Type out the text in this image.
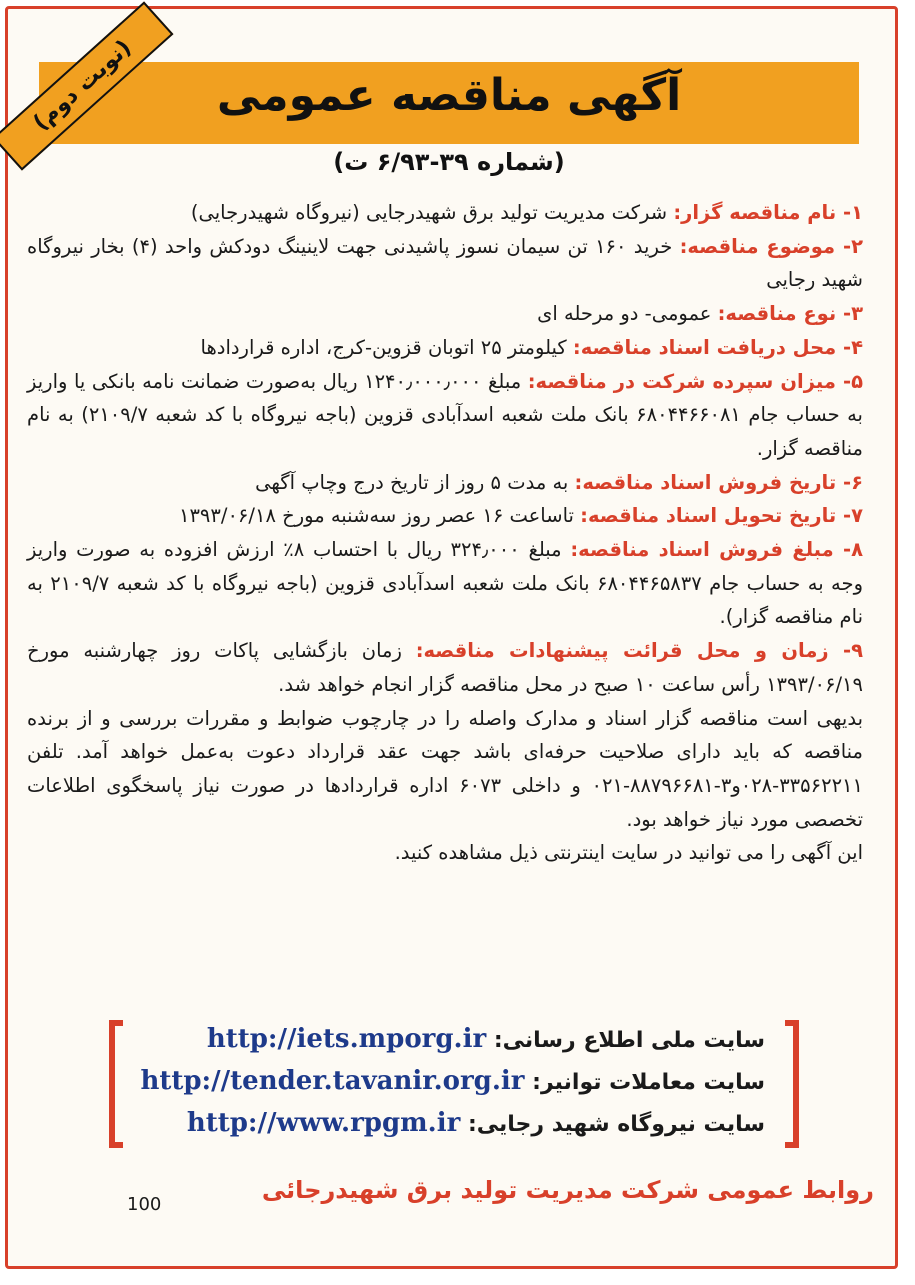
آگهی مناقصه عمومی
(شماره ۳۹-۶/۹۳ ت)
(نوبت دوم)

۱- نام مناقصه گزار: شرکت مدیریت تولید برق شهیدرجایی (نیروگاه شهیدرجایی)

۲- موضوع مناقصه: خرید ۱۶۰ تن سیمان نسوز پاشیدنی جهت لاینینگ دودکش واحد (۴) بخار نیروگاه شهید رجایی

۳- نوع مناقصه: عمومی- دو مرحله ای

۴- محل دریافت اسناد مناقصه: کیلومتر ۲۵ اتوبان قزوین-کرج، اداره قراردادها

۵- میزان سپرده شرکت در مناقصه: مبلغ ۱۲۴۰٫۰۰۰٫۰۰۰ ریال به‌صورت ضمانت نامه بانکی یا واریز به حساب جام ۶۸۰۴۴۶۶۰۸۱ بانک ملت شعبه اسدآبادی قزوین (باجه نیروگاه با کد شعبه ۲۱۰۹/۷) به نام مناقصه گزار.

۶- تاریخ فروش اسناد مناقصه: به مدت ۵ روز از تاریخ درج وچاپ آگهی

۷- تاریخ تحویل اسناد مناقصه: تاساعت ۱۶ عصر روز سه‌شنبه مورخ ۱۳۹۳/۰۶/۱۸

۸- مبلغ فروش اسناد مناقصه: مبلغ ۳۲۴٫۰۰۰ ریال با احتساب ۸٪ ارزش افزوده به صورت واریز وجه به حساب جام ۶۸۰۴۴۶۵۸۳۷ بانک ملت شعبه اسدآبادی قزوین (باجه نیروگاه با کد شعبه ۲۱۰۹/۷ به نام مناقصه گزار).

۹- زمان و محل قرائت پیشنهادات مناقصه: زمان بازگشایی پاکات روز چهارشنبه مورخ ۱۳۹۳/۰۶/۱۹ رأس ساعت ۱۰ صبح در محل مناقصه گزار انجام خواهد شد.

بدیهی است مناقصه گزار اسناد و مدارک واصله را در چارچوب ضوابط و مقررات بررسی و از برنده مناقصه که باید دارای صلاحیت حرفه‌ای باشد جهت عقد قرارداد دعوت به‌عمل خواهد آمد. تلفن ۳۳۵۶۲۲۱۱-۰۲۸و۳-۸۸۷۹۶۶۸۱-۰۲۱ و داخلی ۶۰۷۳ اداره قراردادها در صورت نیاز پاسخگوی اطلاعات تخصصی مورد نیاز خواهد بود.

این آگهی را می توانید در سایت اینترنتی ذیل مشاهده کنید.

سایت ملی اطلاع رسانی: http://iets.mporg.ir
سایت معاملات توانیر: http://tender.tavanir.org.ir
سایت نیروگاه شهید رجایی: http://www.rpgm.ir
روابط عمومی شرکت مدیریت تولید برق شهیدرجائی
100
